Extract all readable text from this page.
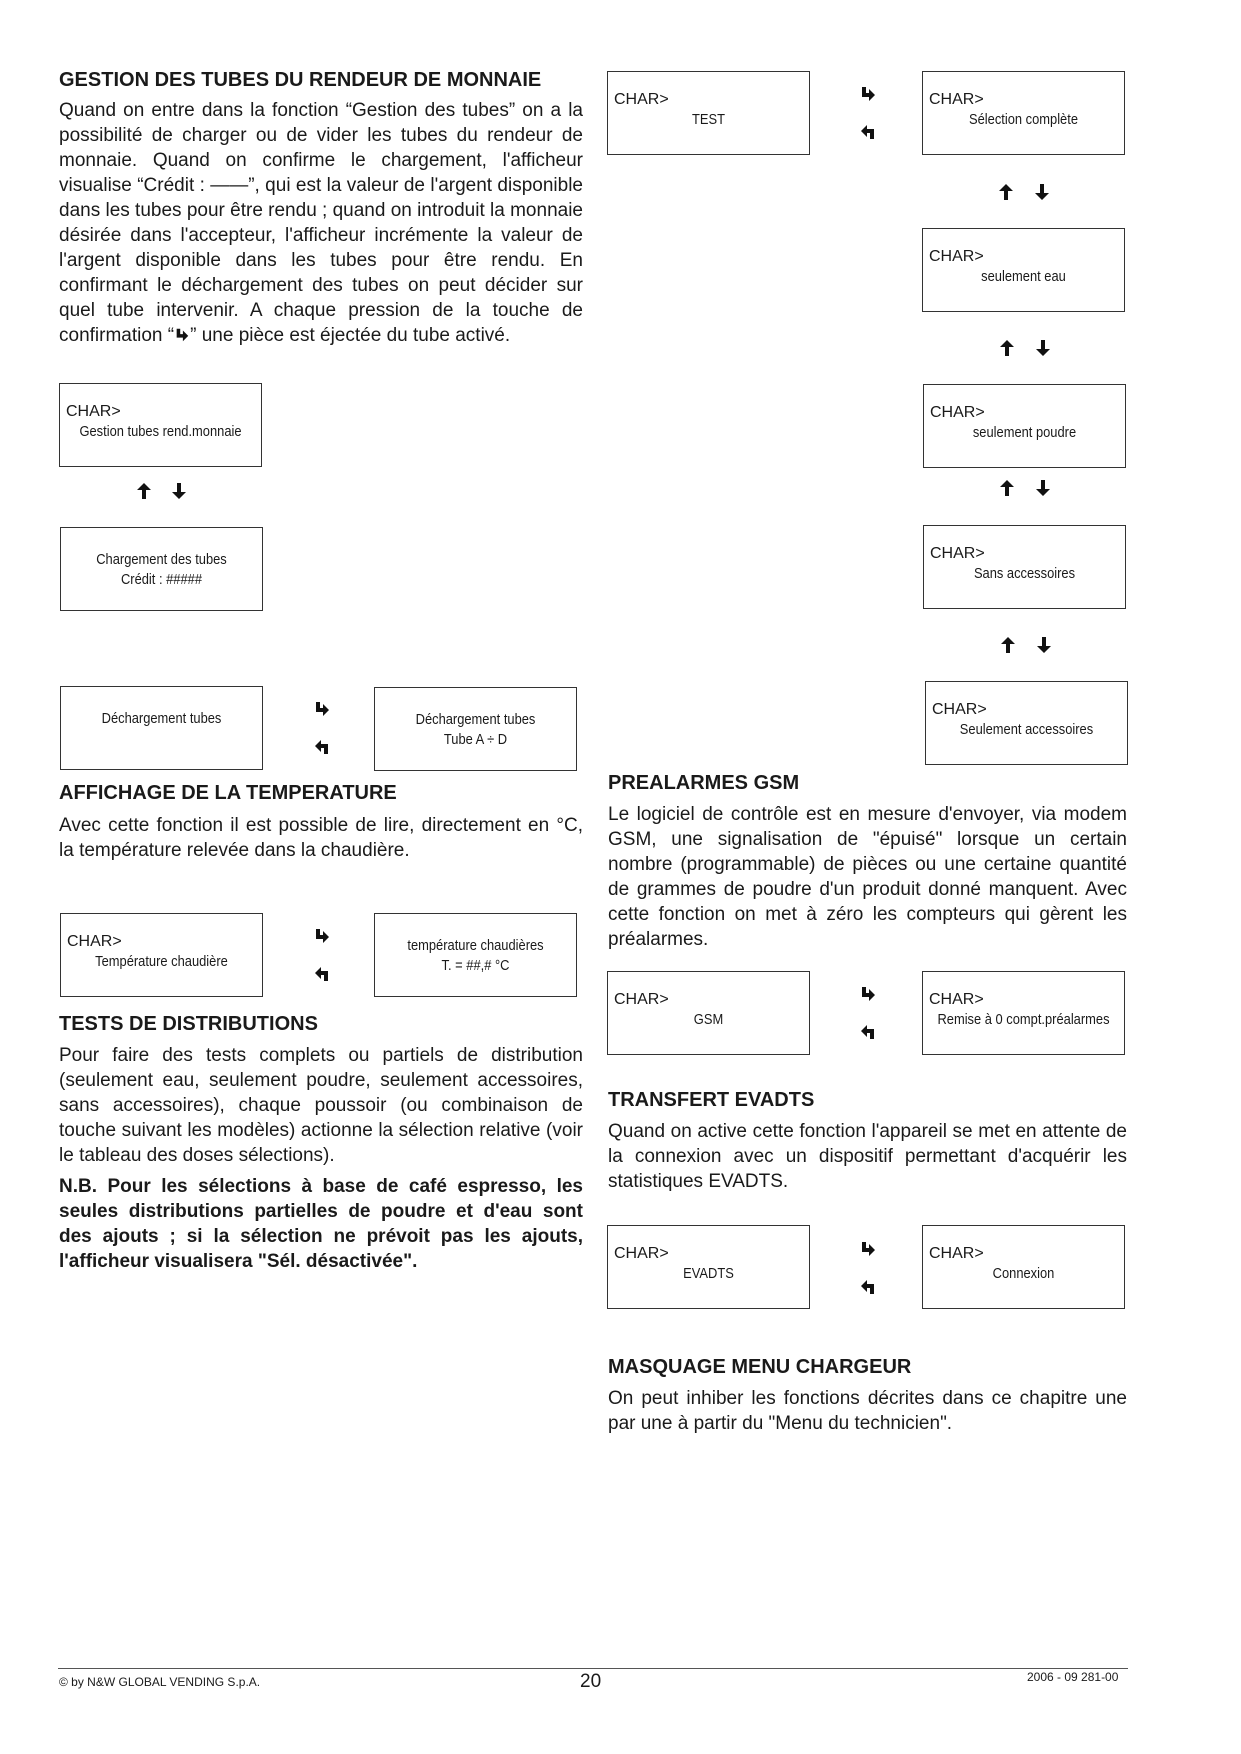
GESTION DES TUBES DU RENDEUR DE MONNAIE

Quand on entre dans la fonction “Gestion des tubes” on a la possibilité de charger ou de vider les tubes du rendeur de monnaie. Quand on confirme le chargement, l'afficheur visualise “Crédit : ——”, qui est la valeur de l'argent disponible dans les tubes pour être rendu ; quand on introduit la monnaie désirée dans l'accepteur, l'afficheur incrémente la valeur de l'argent disponible dans les tubes pour être rendu. En confirmant le déchargement des tubes on peut décider sur quel tube intervenir. A chaque pression de la touche de confirmation “ ” une pièce est éjectée du tube activé.

CHAR>
Gestion tubes rend.monnaie
Chargement des tubes
Crédit : #####
Déchargement tubes	Déchargement tubes
Tube A ÷ D
AFFICHAGE DE LA TEMPERATURE

Avec cette fonction il est possible de lire, directement en °C, la température relevée dans la chaudière.

CHAR>
Température chaudière
température chaudières
T. = ##,# °C
TESTS DE DISTRIBUTIONS

Pour faire des tests complets ou partiels de distribution (seulement eau, seulement poudre, seulement accessoires, sans accessoires), chaque poussoir (ou combinaison de touche suivant les modèles) actionne la sélection relative (voir le tableau des doses sélections).

N.B. Pour les sélections à base de café espresso, les seules distributions partielles de poudre et d'eau sont des ajouts ; si la sélection ne prévoit pas les ajouts, l'afficheur visualisera "Sél. désactivée".

CHAR>
TEST
CHAR>
Sélection complète
CHAR>
seulement eau
CHAR>
seulement poudre
CHAR>
Sans accessoires
CHAR>
Seulement accessoires
PREALARMES GSM

Le logiciel de contrôle est en mesure d'envoyer, via modem GSM, une signalisation de "épuisé" lorsque un certain nombre (programmable) de pièces ou une certaine quantité de grammes de poudre d'un produit donné manquent. Avec cette fonction on met à zéro les compteurs qui gèrent les préalarmes.

CHAR>
GSM
CHAR>
Remise à 0 compt.préalarmes
TRANSFERT EVADTS

Quand on active cette fonction l'appareil se met en attente de la connexion avec un dispositif permettant d'acquérir les statistiques EVADTS.

CHAR>
EVADTS
CHAR>
Connexion
MASQUAGE MENU CHARGEUR

On peut inhiber les fonctions décrites dans ce chapitre une par une à partir du "Menu du technicien".

© by N&W GLOBAL VENDING S.p.A.	20	2006 - 09 281-00
